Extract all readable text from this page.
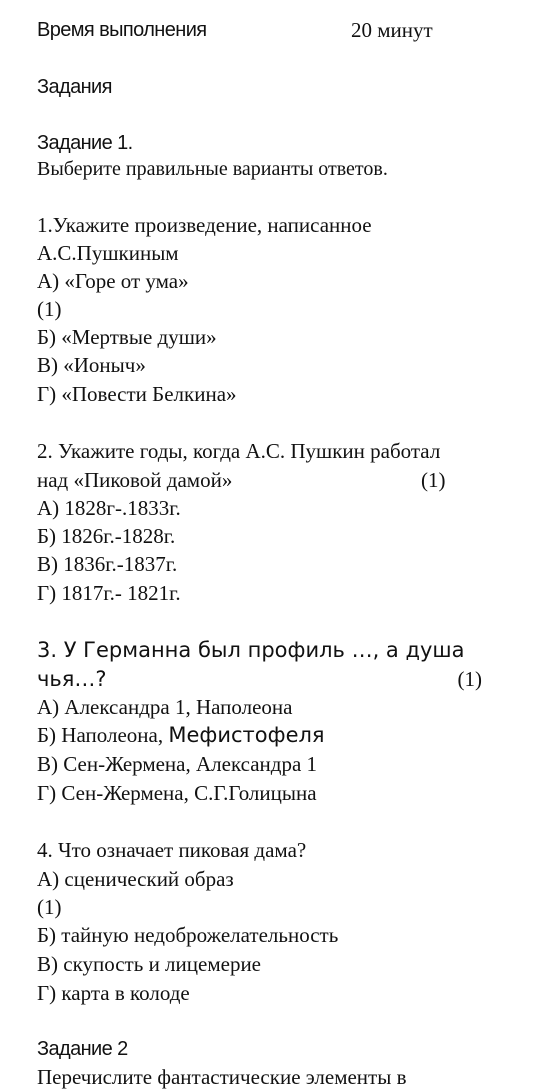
Время выполнения	20 минут
Задания
Задание 1.
Выберите правильные варианты ответов.
1.Укажите произведение, написанное
А.С.Пушкиным
А) «Горе от ума»
(1)
Б) «Мертвые души»
В) «Ионыч»
Г) «Повести Белкина»
2. Укажите годы, когда А.С. Пушкин работал
над «Пиковой дамой»	(1)
А) 1828г-.1833г.
Б) 1826г.-1828г.
В) 1836г.-1837г.
Г) 1817г.- 1821г.
3. У Германна был профиль …, а душа
чья…?	(1)
А) Александра 1, Наполеона
Б) Наполеона, Мефистофеля
В) Сен-Жермена, Александра 1
Г) Сен-Жермена, С.Г.Голицына
4. Что означает пиковая дама?
А) сценический образ
(1)
Б) тайную недоброжелательность
В) скупость и лицемерие
Г) карта в колоде
Задание 2
Перечислите фантастические элементы в
